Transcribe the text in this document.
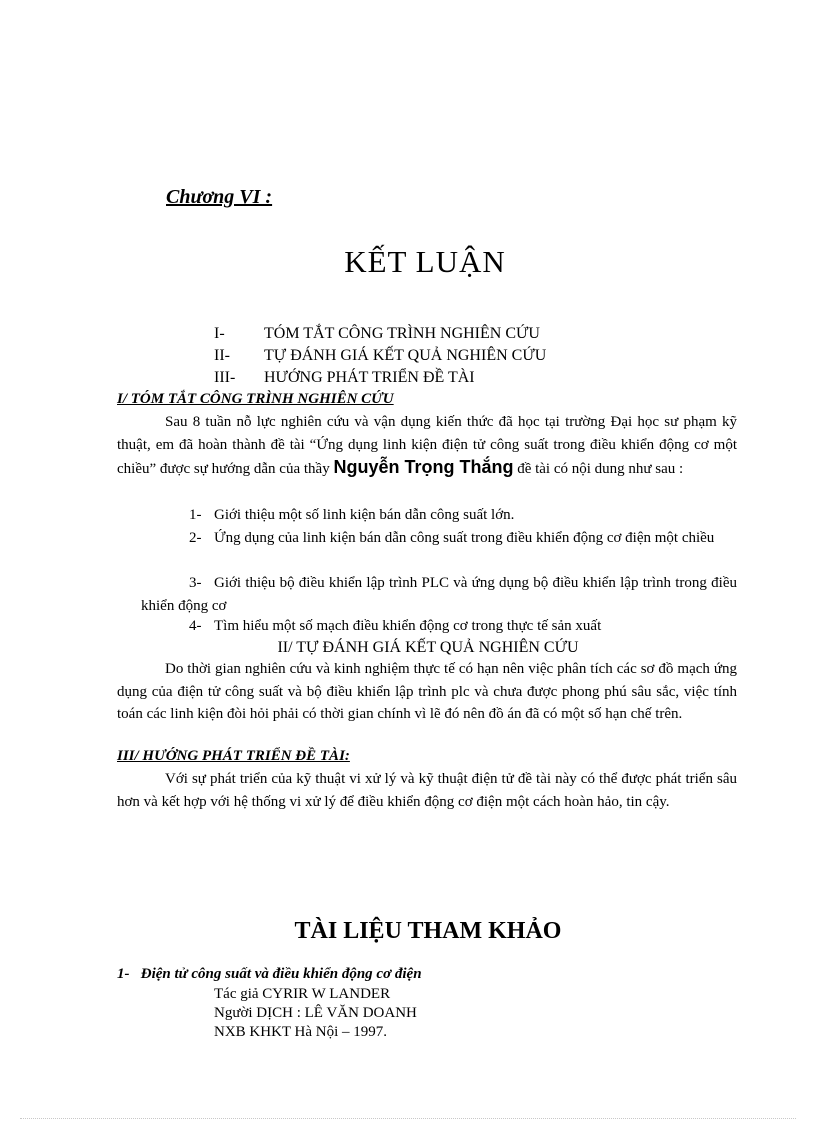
Chương VI :
KẾT LUẬN
I- TÓM TẮT CÔNG TRÌNH NGHIÊN CỨU
II- TỰ ĐÁNH GIÁ KẾT QUẢ NGHIÊN CỨU
III- HƯỚNG PHÁT TRIỂN ĐỀ TÀI
I/ TÓM TẮT CÔNG TRÌNH NGHIÊN CỨU
Sau 8 tuần nỗ lực nghiên cứu và vận dụng kiến thức đã học tại trường Đại học sư phạm kỹ thuật, em đã hoàn thành đề tài “Ứng dụng linh kiện điện tử công suất trong điều khiển động cơ một chiều” được sự hướng dẫn của thầy Nguyễn Trọng Thắng đề tài có nội dung như sau :
1- Giới thiệu một số linh kiện bán dẫn công suất lớn.
2- Ứng dụng của linh kiện bán dẫn công suất trong điều khiển động cơ điện một chiều
3- Giới thiệu bộ điều khiển lập trình PLC và ứng dụng bộ điều khiển lập trình trong điều khiển động cơ
4- Tìm hiểu một số mạch điều khiển động cơ trong thực tế sản xuất
II/ TỰ ĐÁNH GIÁ KẾT QUẢ NGHIÊN CỨU
Do thời gian nghiên cứu và kinh nghiệm thực tế có hạn nên việc phân tích các sơ đồ mạch ứng dụng của điện tử công suất và bộ điều khiển lập trình plc và chưa được phong phú sâu sắc, việc tính toán các linh kiện đòi hỏi phải có thời gian chính vì lẽ đó nên đồ án đã có một số hạn chế trên.
III/ HƯỚNG PHÁT TRIỂN ĐỀ TÀI:
Với sự phát triển của kỹ thuật vi xử lý và kỹ thuật điện tử đề tài này có thể được phát triển sâu hơn và kết hợp với hệ thống vi xử lý để điều khiển động cơ điện một cách hoàn hảo, tin cậy.
TÀI LIỆU THAM KHẢO
1- Điện tử công suất và điều khiển động cơ điện
Tác giả CYRIR W LANDER
Người DỊCH : LÊ VĂN DOANH
NXB KHKT Hà Nội – 1997.
